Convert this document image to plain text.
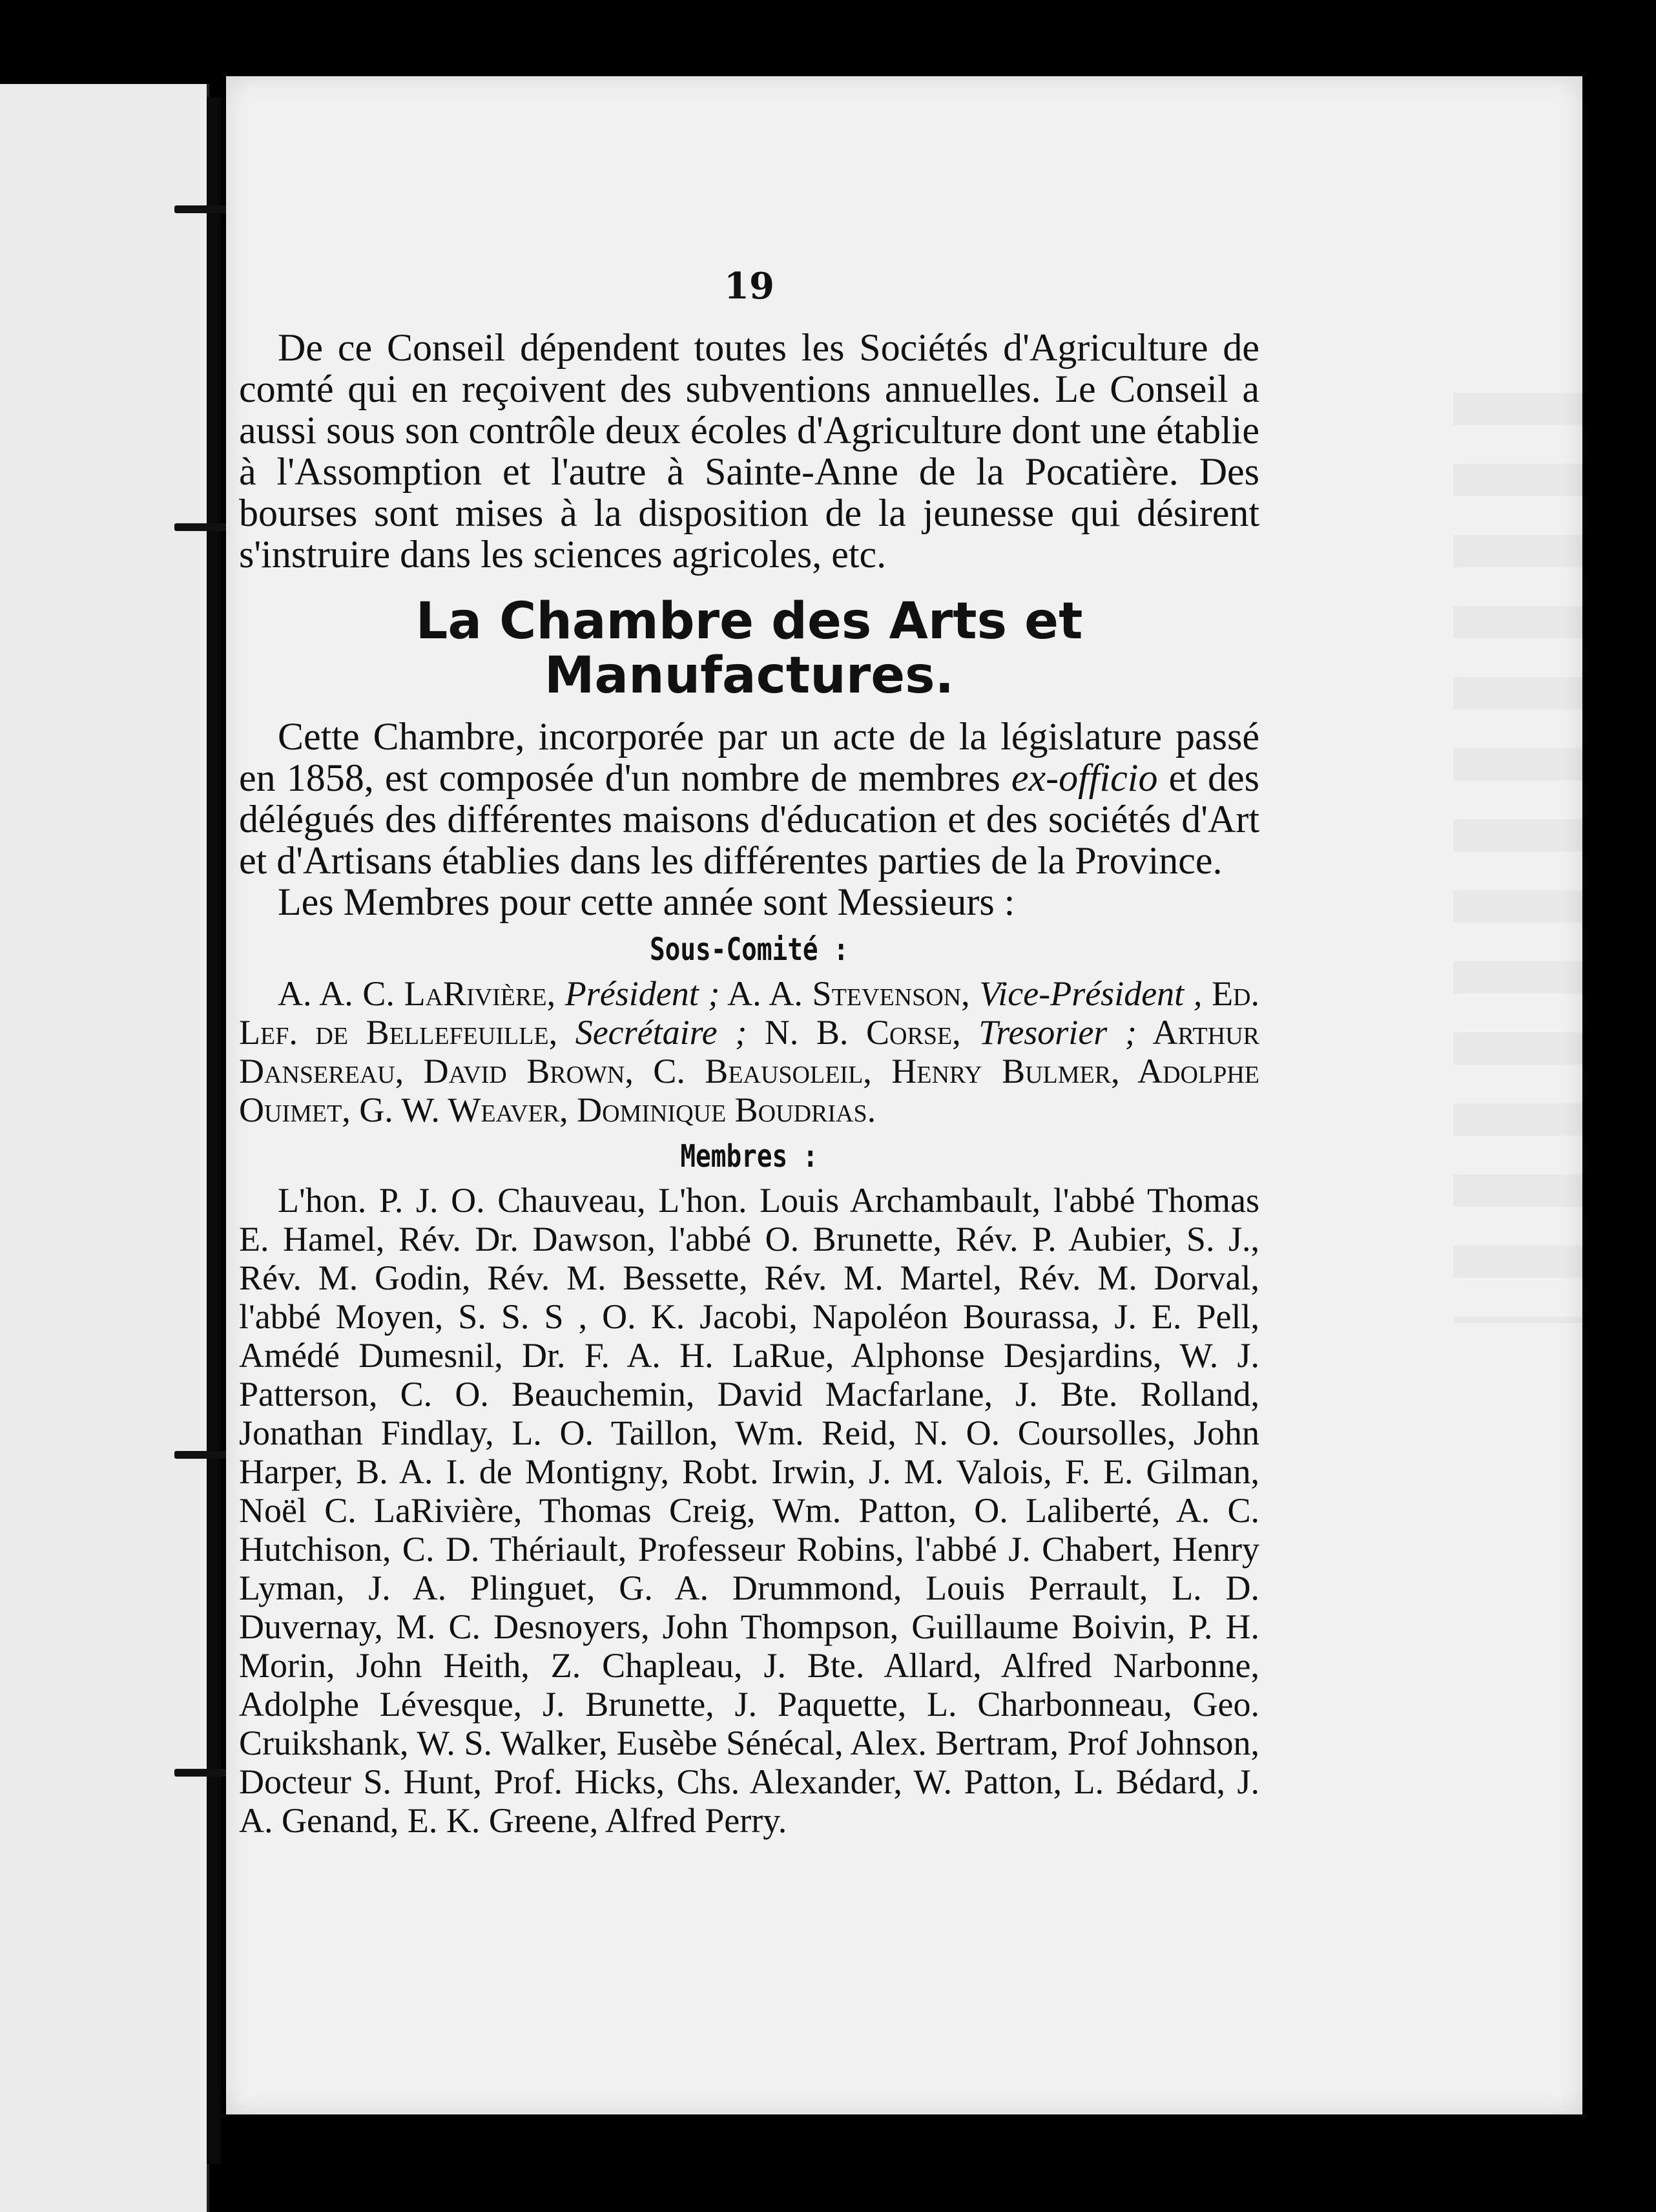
19

De ce Conseil dépendent toutes les Sociétés d'Agriculture de comté qui en reçoivent des subventions annuelles. Le Conseil a aussi sous son contrôle deux écoles d'Agriculture dont une établie à l'Assomption et l'autre à Sainte-Anne de la Pocatière. Des bourses sont mises à la disposition de la jeunesse qui désirent s'instruire dans les sciences agricoles, etc.

La Chambre des Arts et Manufactures.

Cette Chambre, incorporée par un acte de la législature passé en 1858, est composée d'un nombre de membres ex-officio et des délégués des différentes maisons d'éducation et des sociétés d'Art et d'Artisans établies dans les différentes parties de la Province.

Les Membres pour cette année sont Messieurs :

Sous-Comité :

A. A. C. LaRivière, Président ; A. A. Stevenson, Vice-Président , Ed. Lef. de Bellefeuille, Secrétaire ; N. B. Corse, Tresorier ; Arthur Dansereau, David Brown, C. Beausoleil, Henry Bulmer, Adolphe Ouimet, G. W. Weaver, Dominique Boudrias.

Membres :

L'hon. P. J. O. Chauveau, L'hon. Louis Archambault, l'abbé Thomas E. Hamel, Rév. Dr. Dawson, l'abbé O. Brunette, Rév. P. Aubier, S. J., Rév. M. Godin, Rév. M. Bessette, Rév. M. Martel, Rév. M. Dorval, l'abbé Moyen, S. S. S , O. K. Jacobi, Napoléon Bourassa, J. E. Pell, Amédé Dumesnil, Dr. F. A. H. LaRue, Alphonse Desjardins, W. J. Patterson, C. O. Beauchemin, David Macfarlane, J. Bte. Rolland, Jonathan Findlay, L. O. Taillon, Wm. Reid, N. O. Coursolles, John Harper, B. A. I. de Montigny, Robt. Irwin, J. M. Valois, F. E. Gilman, Noël C. LaRivière, Thomas Creig, Wm. Patton, O. Laliberté, A. C. Hutchison, C. D. Thériault, Professeur Robins, l'abbé J. Chabert, Henry Lyman, J. A. Plinguet, G. A. Drummond, Louis Perrault, L. D. Duvernay, M. C. Desnoyers, John Thompson, Guillaume Boivin, P. H. Morin, John Heith, Z. Chapleau, J. Bte. Allard, Alfred Narbonne, Adolphe Lévesque, J. Brunette, J. Paquette, L. Charbonneau, Geo. Cruikshank, W. S. Walker, Eusèbe Sénécal, Alex. Bertram, Prof Johnson, Docteur S. Hunt, Prof. Hicks, Chs. Alexander, W. Patton, L. Bédard, J. A. Genand, E. K. Greene, Alfred Perry.
